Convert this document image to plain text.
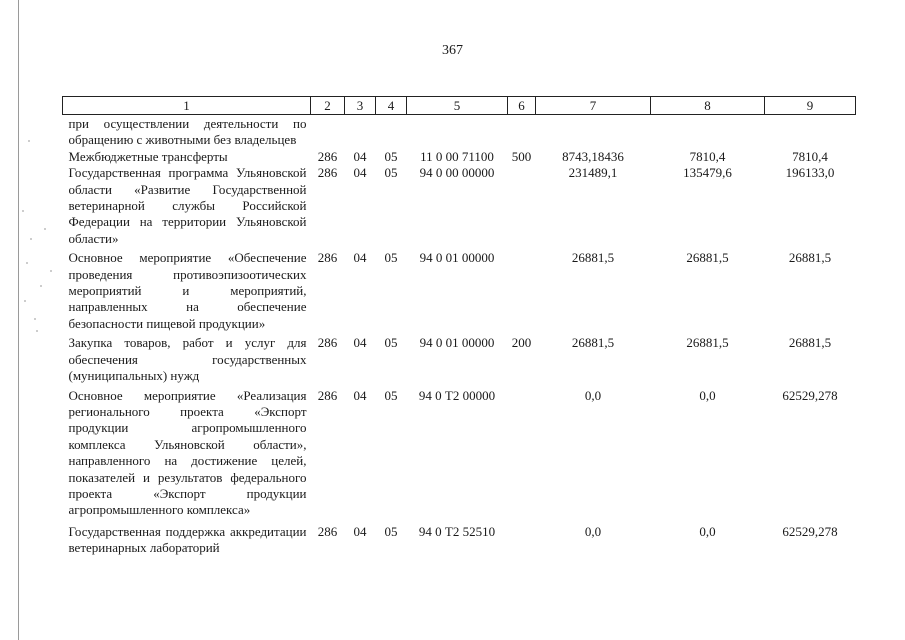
367
1	2	3	4	5	6	7	8	9
при осуществлении деятельности по обращению с животными без владельцев								
Межбюджетные трансферты	286	04	05	11 0 00 71100	500	8743,18436	7810,4	7810,4
Государственная программа Ульяновской области «Развитие Государственной ветеринарной службы Российской Федерации на территории Ульяновской области»	286	04	05	94 0 00 00000		231489,1	135479,6	196133,0
Основное мероприятие «Обеспечение проведения противоэпизоотических мероприятий и мероприятий, направленных на обеспечение безопасности пищевой продукции»	286	04	05	94 0 01 00000		26881,5	26881,5	26881,5
Закупка товаров, работ и услуг для обеспечения государственных (муниципальных) нужд	286	04	05	94 0 01 00000	200	26881,5	26881,5	26881,5
Основное мероприятие «Реализация регионального проекта «Экспорт продукции агропромышленного комплекса Ульяновской области», направленного на достижение целей, показателей и результатов федерального проекта «Экспорт продукции агропромышленного комплекса»	286	04	05	94 0 Т2 00000		0,0	0,0	62529,278
Государственная поддержка аккредитации ветеринарных лабораторий	286	04	05	94 0 Т2 52510		0,0	0,0	62529,278
